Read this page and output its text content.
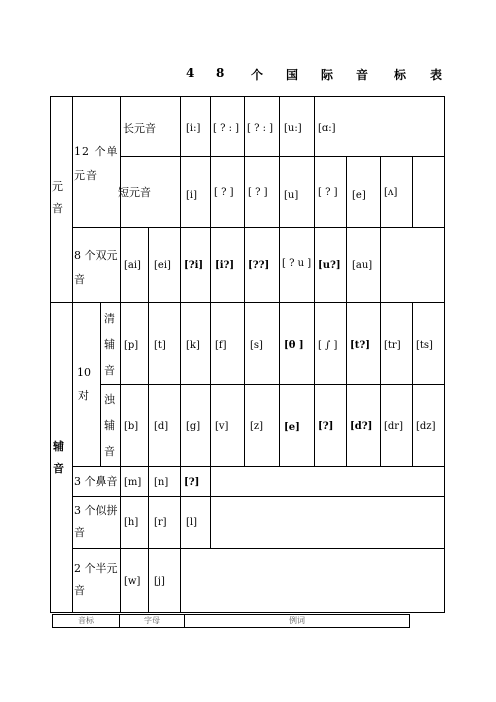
4 8 个 国 际 音 标 表
元
音
12 个单元音
长元音	[i:] [ ? : ] [ ? : ] [u:] [ɑ:]
短元音	[i] [ ? ] [ ? ] [u] [ ? ] [e] [ʌ]
8 个双元音
[ai] [ei] [?i] [i?] [??] [ ? u ] [u?] [au]
辅
音
10
对
清
辅
音
[p] [t] [k] [f] [s] [θ ] [ ∫ ] [t?] [tr] [ts]
浊
辅
音
[b] [d] [g] [v] [z] [e] [?] [d?] [dr] [dz]
3 个鼻音 [m] [n] [?]
3 个似拼音
[h] [r] [l]
2 个半元音
[w] [j]
音标	字母	例词
